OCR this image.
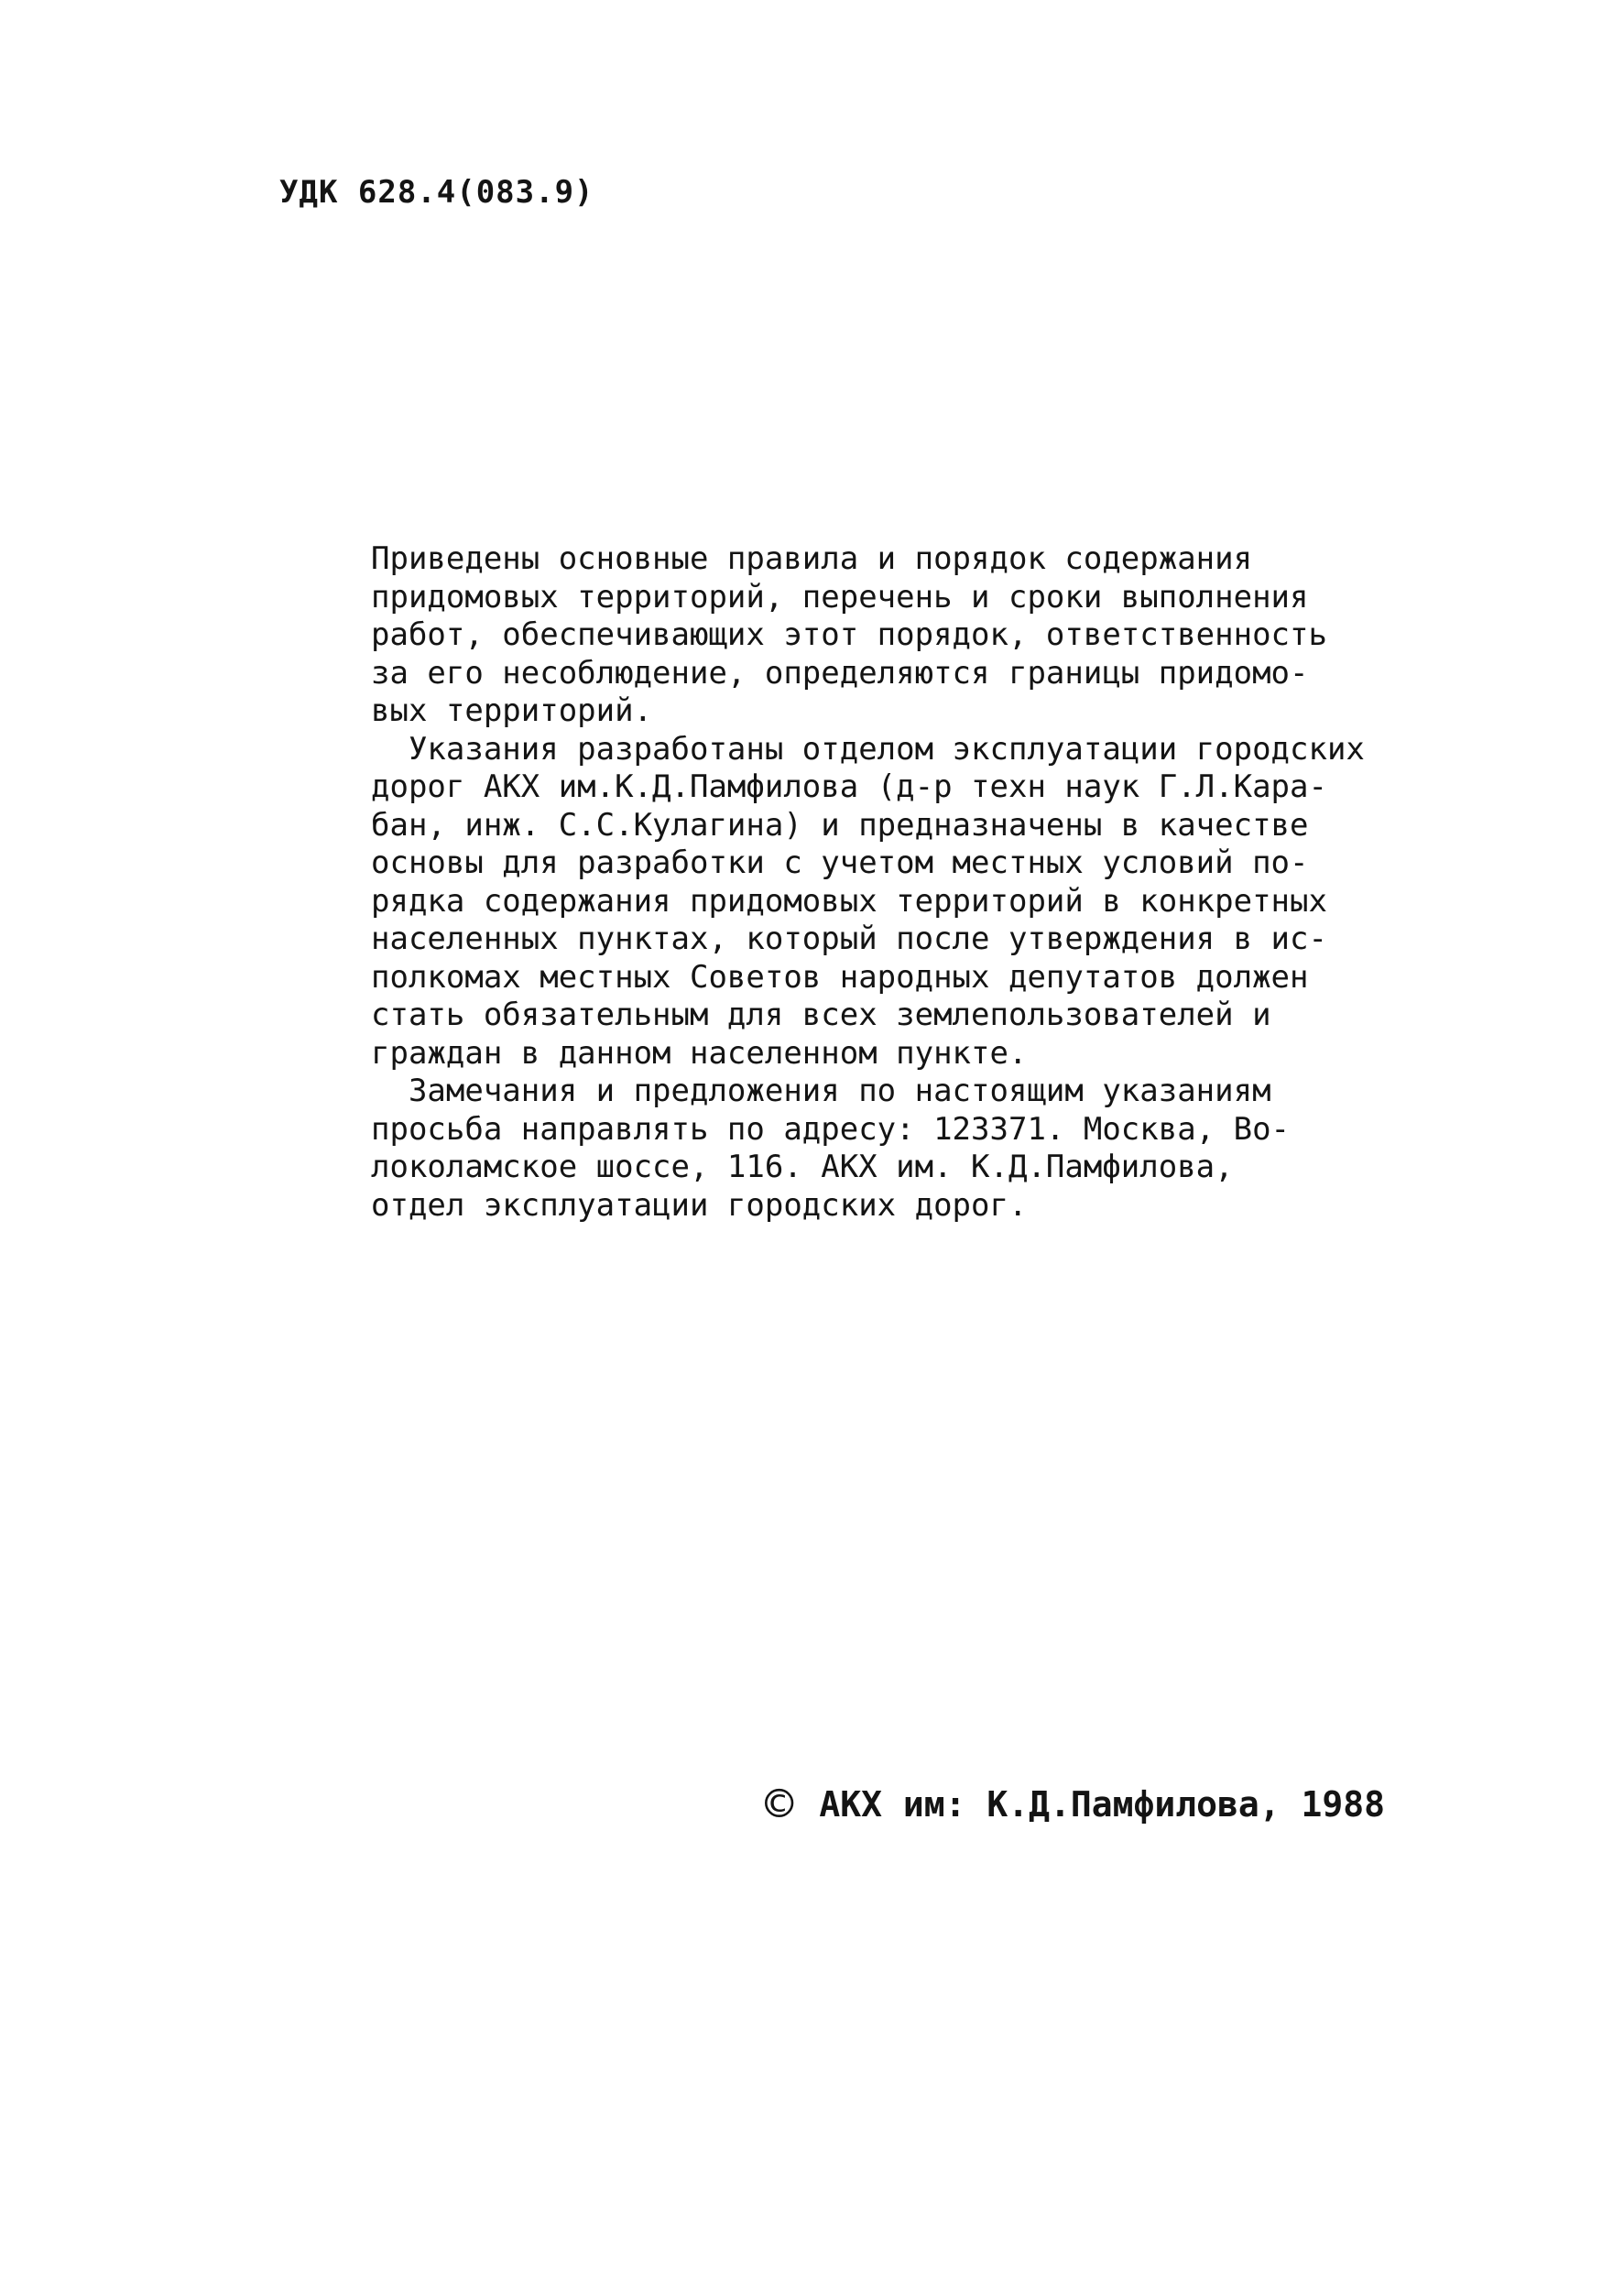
УДК 628.4(083.9)
Приведены основные правила и порядок содержания
придомовых территорий, перечень и сроки выполнения
работ, обеспечивающих этот порядок, ответственность
за его несоблюдение, определяются границы придомо-
вых территорий.
Указания разработаны отделом эксплуатации городских
дорог АКХ им.К.Д.Памфилова (д-р техн наук Г.Л.Кара-
бан, инж. С.С.Кулагина) и предназначены в качестве
основы для разработки с учетом местных условий по-
рядка содержания придомовых территорий в конкретных
населенных пунктах, который после утверждения в ис-
полкомах местных Советов народных депутатов должен
стать обязательным для всех землепользователей и
граждан в данном населенном пункте.
Замечания и предложения по настоящим указаниям
просьба направлять по адресу: 123371. Москва, Во-
локоламское шоссе, 116. АКХ им. К.Д.Памфилова,
отдел эксплуатации городских дорог.
© АКХ им: К.Д.Памфилова, 1988
